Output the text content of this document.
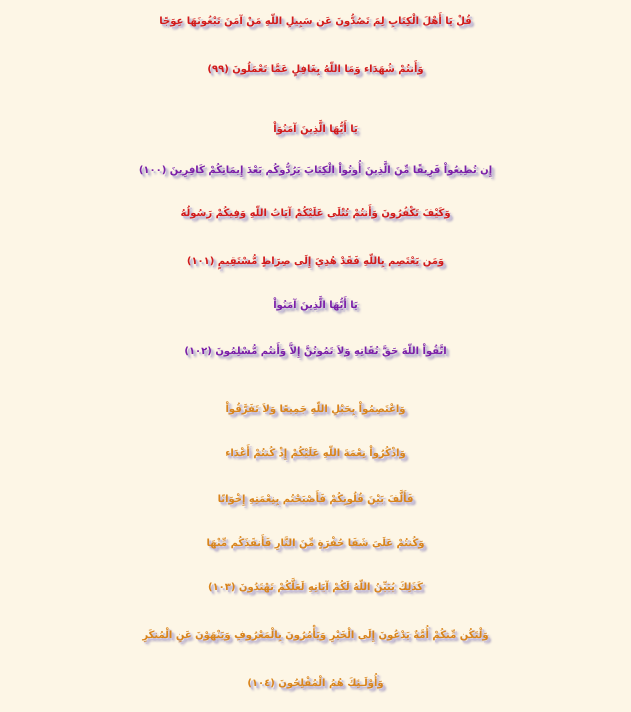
قُلْ يَا أَهْلَ الْكِتَابِ لِمَ تَصُدُّونَ عَن سَبِيلِ اللّهِ مَنْ آمَنَ تَبْغُونَهَا عِوَجًا
وَأَنتُمْ شُهَدَاء وَمَا اللّهُ بِغَافِلٍ عَمَّا تَعْمَلُونَ (٩٩)
يَا أَيُّهَا الَّذِينَ آمَنُوَاْ
إِن تُطِيعُواْ فَرِيقًا مِّنَ الَّذِينَ أُوتُواْ الْكِتَابَ يَرُدُّوكُم بَعْدَ إِيمَانِكُمْ كَافِرِينَ (١٠٠)
وَكَيْفَ تَكْفُرُونَ وَأَنتُمْ تُتْلَى عَلَيْكُمْ آيَاتُ اللّهِ وَفِيكُمْ رَسُولُهُ
وَمَن يَعْتَصِم بِاللّهِ فَقَدْ هُدِيَ إِلَى صِرَاطٍ مُّسْتَقِيمٍ (١٠١)
يَا أَيُّهَا الَّذِينَ آمَنُواْ
اتَّقُواْ اللّهَ حَقَّ تُقَاتِهِ وَلاَ تَمُوتُنَّ إِلاَّ وَأَنتُم مُّسْلِمُونَ (١٠٢)
وَاعْتَصِمُواْ بِحَبْلِ اللّهِ جَمِيعًا وَلاَ تَفَرَّقُواْ
وَاذْكُرُواْ نِعْمَةَ اللّهِ عَلَيْكُمْ إِذْ كُنتُمْ أَعْدَاء
فَأَلَّفَ بَيْنَ قُلُوبِكُمْ فَأَصْبَحْتُم بِنِعْمَتِهِ إِخْوَانًا
وَكُنتُمْ عَلَىَ شَفَا حُفْرَةٍ مِّنَ النَّارِ فَأَنقَذَكُم مِّنْهَا
كَذَلِكَ يُبَيِّنُ اللّهُ لَكُمْ آيَاتِهِ لَعَلَّكُمْ تَهْتَدُونَ (١٠٣)
وَلْتَكُن مِّنكُمْ أُمَّةٌ يَدْعُونَ إِلَى الْخَيْرِ وَيَأْمُرُونَ بِالْمَعْرُوفِ وَيَنْهَوْنَ عَنِ الْمُنكَرِ
وَأُوْلَـئِكَ هُمُ الْمُفْلِحُونَ (١٠٤)
